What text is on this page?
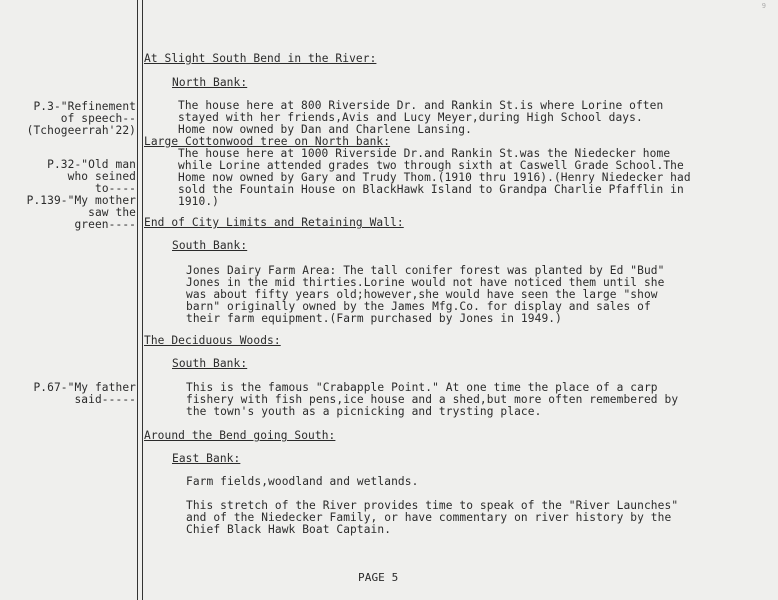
9
P.3-"Refinement
of speech--
(Tchogeerrah'22)
P.32-"Old man
who seined
to----
P.139-"My mother
saw the
green----
P.67-"My father
said-----
At Slight South Bend in the River:
North Bank:
The house here at 800 Riverside Dr. and Rankin St.is where Lorine often
stayed with her friends,Avis and Lucy Meyer,during High School days.
Home now owned by Dan and Charlene Lansing.
Large Cottonwood tree on North bank:
The house here at 1000 Riverside Dr.and Rankin St.was the Niedecker home
while Lorine attended grades two through sixth at Caswell Grade School.The
Home now owned by Gary and Trudy Thom.(1910 thru 1916).(Henry Niedecker had
sold the Fountain House on BlackHawk Island to Grandpa Charlie Pfafflin in
1910.)
End of City Limits and Retaining Wall:
South Bank:
Jones Dairy Farm Area: The tall conifer forest was planted by Ed "Bud"
Jones in the mid thirties.Lorine would not have noticed them until she
was about fifty years old;however,she would have seen the large "show
barn" originally owned by the James Mfg.Co. for display and sales of
their farm equipment.(Farm purchased by Jones in 1949.)
The Deciduous Woods:
South Bank:
This is the famous "Crabapple Point." At one time the place of a carp
fishery with fish pens,ice house and a shed,but more often remembered by
the town's youth as a picnicking and trysting place.
Around the Bend going South:
East Bank:
Farm fields,woodland and wetlands.
This stretch of the River provides time to speak of the "River Launches"
and of the Niedecker Family, or have commentary on river history by the
Chief Black Hawk Boat Captain.
PAGE 5
